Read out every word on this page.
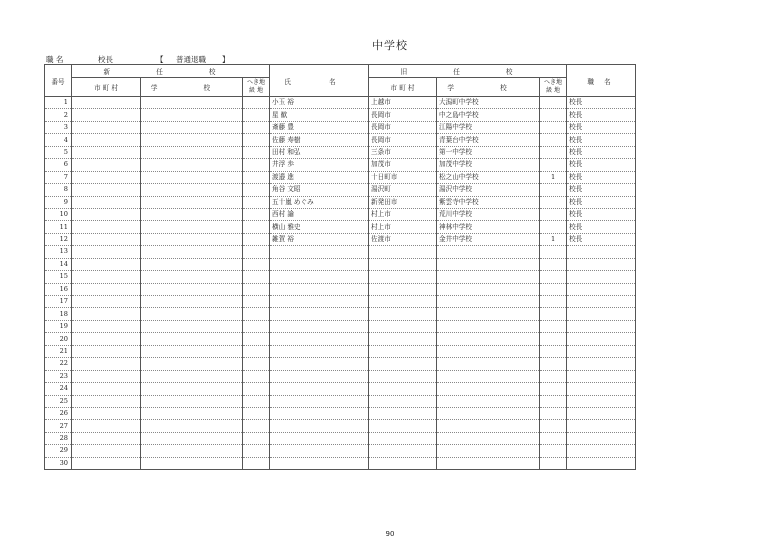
中学校
職 名	校長	【 普通退職 】
番号	新 任 校			氏 名	旧 任 校			職 名
	市 町 村	学 校	へき地
級 地		市 町 村	学 校	へき地
級 地	
1				小玉 裕	上越市	大潟町中学校		校長
2				星 歓	長岡市	中之島中学校		校長
3				斎藤 豊	長岡市	江陽中学校		校長
4				佐藤 寿樹	長岡市	青葉台中学校		校長
5				田村 和弘	三条市	第一中学校		校長
6				井浮 歩	加茂市	加茂中学校		校長
7				渡邉 進	十日町市	松之山中学校	1	校長
8				角谷 文昭	湯沢町	湯沢中学校		校長
9				五十嵐 めぐみ	新発田市	紫雲寺中学校		校長
10				西村 諭	村上市	荒川中学校		校長
11				横山 雅史	村上市	神林中学校		校長
12				雑賀 裕	佐渡市	金井中学校	1	校長
13								
14								
15								
16								
17								
18								
19								
20								
21								
22								
23								
24								
25								
26								
27								
28								
29								
30								
90
